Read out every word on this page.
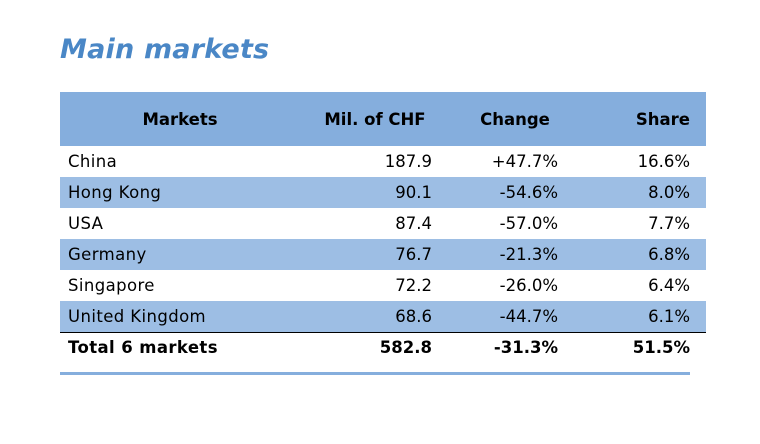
Main markets
Markets	Mil. of CHF	Change	Share
China	187.9	+47.7%	16.6%
Hong Kong	90.1	-54.6%	8.0%
USA	87.4	-57.0%	7.7%
Germany	76.7	-21.3%	6.8%
Singapore	72.2	-26.0%	6.4%
United Kingdom	68.6	-44.7%	6.1%
Total 6 markets	582.8	-31.3%	51.5%
